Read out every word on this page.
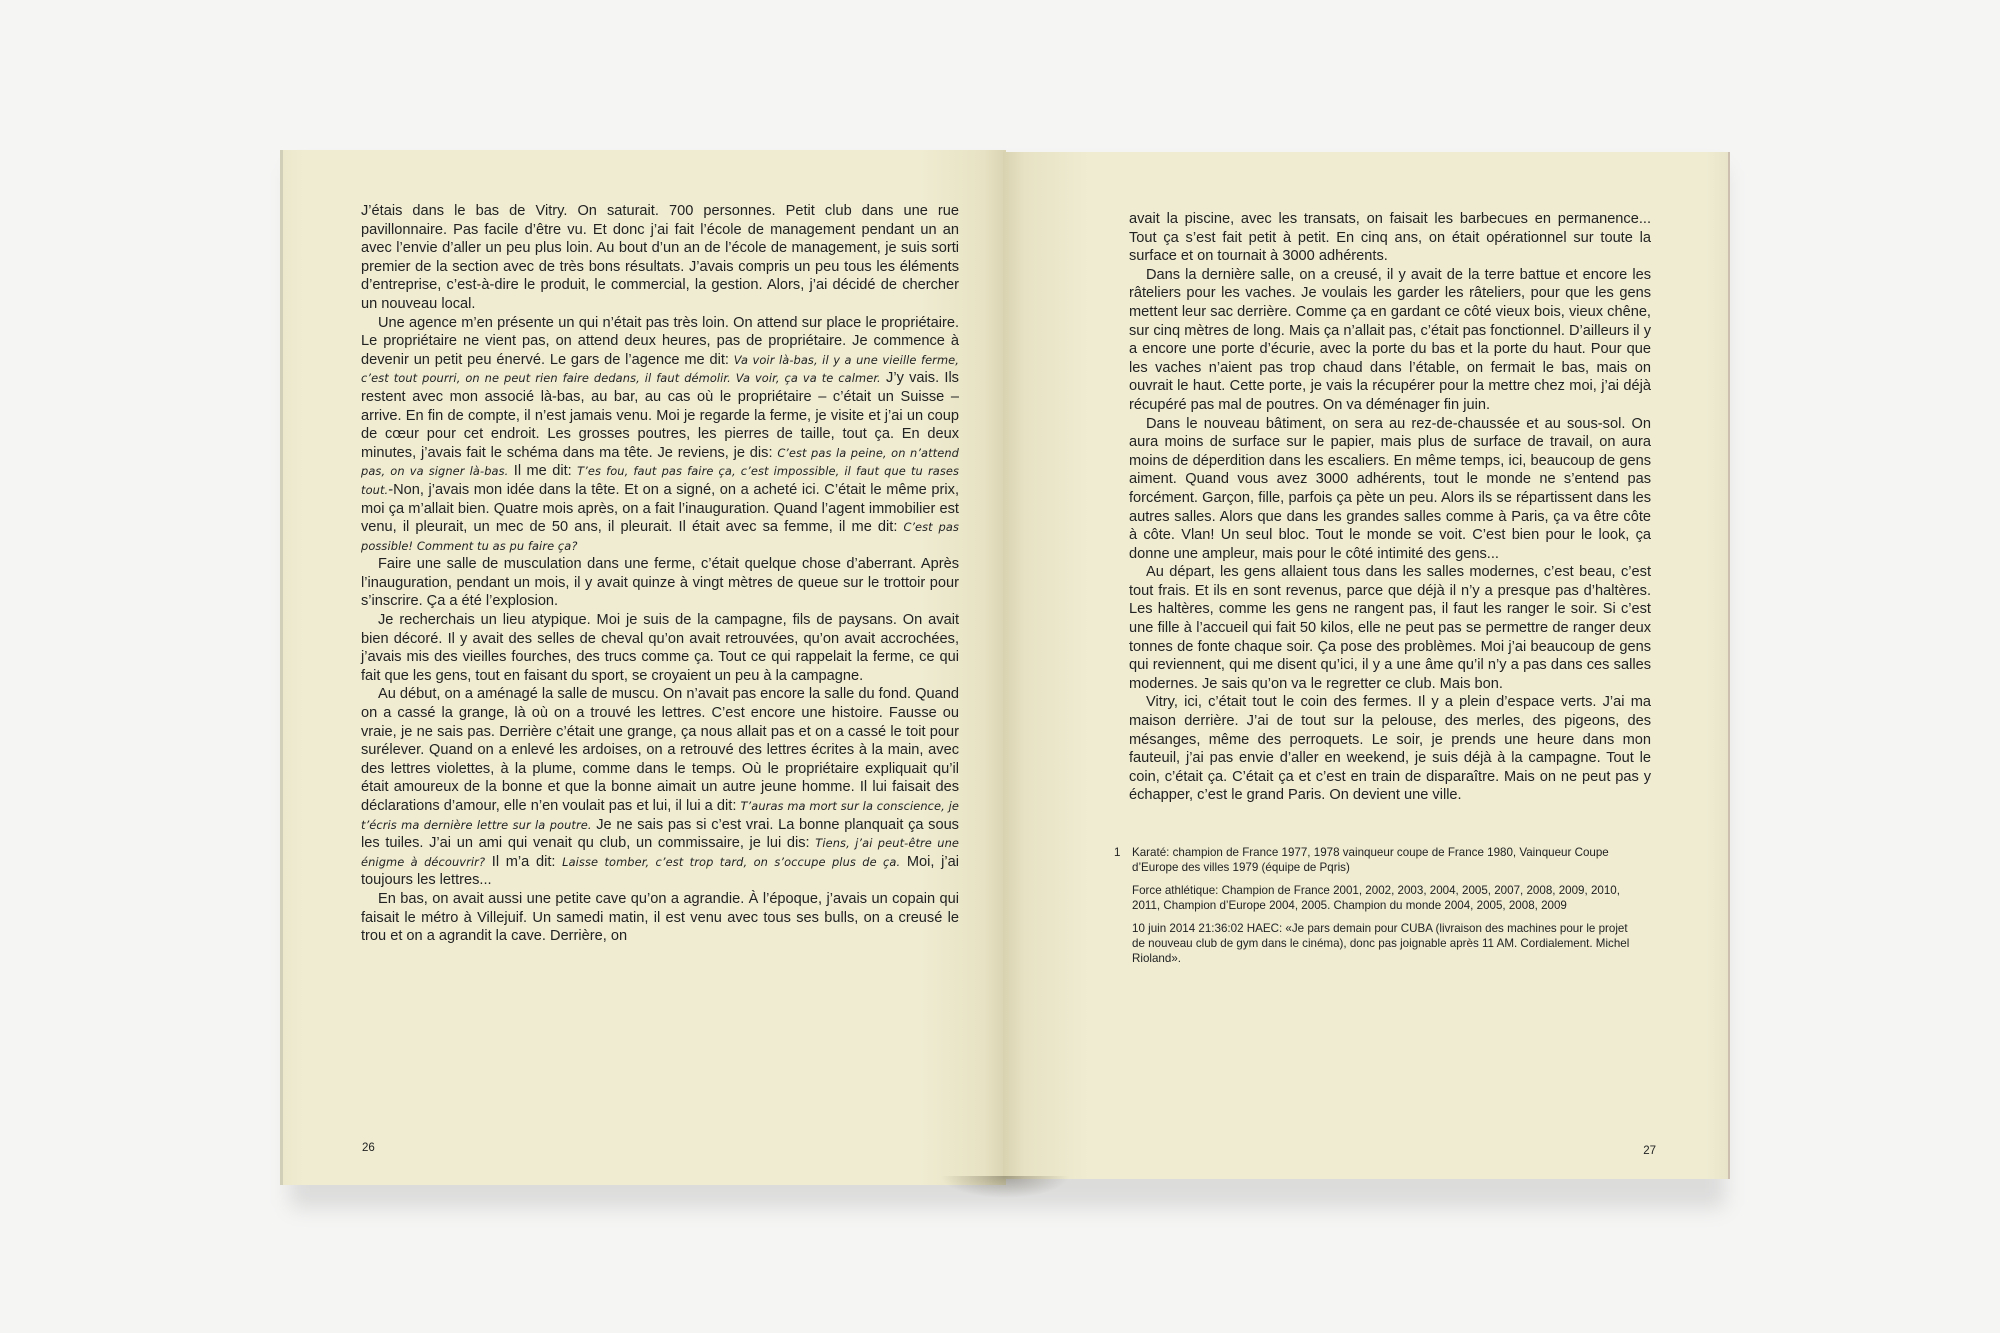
J’étais dans le bas de Vitry. On saturait. 700 personnes. Petit club dans une rue pavillonnaire. Pas facile d’être vu. Et donc j’ai fait l’école de management pendant un an avec l’envie d’aller un peu plus loin. Au bout d’un an de l’école de management, je suis sorti premier de la section avec de très bons résultats. J’avais compris un peu tous les éléments d’entreprise, c’est-à-dire le produit, le commercial, la gestion. Alors, j’ai décidé de chercher un nouveau local.

Une agence m’en présente un qui n’était pas très loin. On attend sur place le propriétaire. Le propriétaire ne vient pas, on attend deux heures, pas de propriétaire. Je commence à devenir un petit peu énervé. Le gars de l’agence me dit: Va voir là-bas, il y a une vieille ferme, c’est tout pourri, on ne peut rien faire dedans, il faut démolir. Va voir, ça va te calmer. J’y vais. Ils restent avec mon associé là-bas, au bar, au cas où le propriétaire – c’était un Suisse – arrive. En fin de compte, il n’est jamais venu. Moi je regarde la ferme, je visite et j’ai un coup de cœur pour cet endroit. Les grosses poutres, les pierres de taille, tout ça. En deux minutes, j’avais fait le schéma dans ma tête. Je reviens, je dis: C’est pas la peine, on n’attend pas, on va signer là-bas. Il me dit: T’es fou, faut pas faire ça, c’est impossible, il faut que tu rases tout.-Non, j’avais mon idée dans la tête. Et on a signé, on a acheté ici. C’était le même prix, moi ça m’allait bien. Quatre mois après, on a fait l’inauguration. Quand l’agent immobilier est venu, il pleurait, un mec de 50 ans, il pleurait. Il était avec sa femme, il me dit: C’est pas possible! Comment tu as pu faire ça?

Faire une salle de musculation dans une ferme, c’était quelque chose d’aberrant. Après l’inauguration, pendant un mois, il y avait quinze à vingt mètres de queue sur le trottoir pour s’inscrire. Ça a été l’explosion.

Je recherchais un lieu atypique. Moi je suis de la campagne, fils de paysans. On avait bien décoré. Il y avait des selles de cheval qu’on avait retrouvées, qu’on avait accrochées, j’avais mis des vieilles fourches, des trucs comme ça. Tout ce qui rappelait la ferme, ce qui fait que les gens, tout en faisant du sport, se croyaient un peu à la campagne.

Au début, on a aménagé la salle de muscu. On n’avait pas encore la salle du fond. Quand on a cassé la grange, là où on a trouvé les lettres. C’est encore une histoire. Fausse ou vraie, je ne sais pas. Derrière c’était une grange, ça nous allait pas et on a cassé le toit pour surélever. Quand on a enlevé les ardoises, on a retrouvé des lettres écrites à la main, avec des lettres violettes, à la plume, comme dans le temps. Où le propriétaire expliquait qu’il était amoureux de la bonne et que la bonne aimait un autre jeune homme. Il lui faisait des déclarations d’amour, elle n’en voulait pas et lui, il lui a dit: T’auras ma mort sur la conscience, je t’écris ma dernière lettre sur la poutre. Je ne sais pas si c’est vrai. La bonne planquait ça sous les tuiles. J’ai un ami qui venait qu club, un commissaire, je lui dis: Tiens, j’ai peut-être une énigme à découvrir? Il m’a dit: Laisse tomber, c’est trop tard, on s’occupe plus de ça. Moi, j’ai toujours les lettres...

En bas, on avait aussi une petite cave qu’on a agrandie. À l’époque, j’avais un copain qui faisait le métro à Villejuif. Un samedi matin, il est venu avec tous ses bulls, on a creusé le trou et on a agrandit la cave. Derrière, on

26

avait la piscine, avec les transats, on faisait les barbecues en permanence... Tout ça s’est fait petit à petit. En cinq ans, on était opérationnel sur toute la surface et on tournait à 3000 adhérents.

Dans la dernière salle, on a creusé, il y avait de la terre battue et encore les râteliers pour les vaches. Je voulais les garder les râteliers, pour que les gens mettent leur sac derrière. Comme ça en gardant ce côté vieux bois, vieux chêne, sur cinq mètres de long. Mais ça n’allait pas, c’était pas fonctionnel. D’ailleurs il y a encore une porte d’écurie, avec la porte du bas et la porte du haut. Pour que les vaches n’aient pas trop chaud dans l’étable, on fermait le bas, mais on ouvrait le haut. Cette porte, je vais la récupérer pour la mettre chez moi, j’ai déjà récupéré pas mal de poutres. On va déménager fin juin.

Dans le nouveau bâtiment, on sera au rez-de-chaussée et au sous-sol. On aura moins de surface sur le papier, mais plus de surface de travail, on aura moins de déperdition dans les escaliers. En même temps, ici, beaucoup de gens aiment. Quand vous avez 3000 adhérents, tout le monde ne s’entend pas forcément. Garçon, fille, parfois ça pète un peu. Alors ils se répartissent dans les autres salles. Alors que dans les grandes salles comme à Paris, ça va être côte à côte. Vlan! Un seul bloc. Tout le monde se voit. C’est bien pour le look, ça donne une ampleur, mais pour le côté intimité des gens...

Au départ, les gens allaient tous dans les salles modernes, c’est beau, c’est tout frais. Et ils en sont revenus, parce que déjà il n’y a presque pas d’haltères. Les haltères, comme les gens ne rangent pas, il faut les ranger le soir. Si c’est une fille à l’accueil qui fait 50 kilos, elle ne peut pas se permettre de ranger deux tonnes de fonte chaque soir. Ça pose des problèmes. Moi j’ai beaucoup de gens qui reviennent, qui me disent qu’ici, il y a une âme qu’il n’y a pas dans ces salles modernes. Je sais qu’on va le regretter ce club. Mais bon.

Vitry, ici, c’était tout le coin des fermes. Il y a plein d’espace verts. J’ai ma maison derrière. J’ai de tout sur la pelouse, des merles, des pigeons, des mésanges, même des perroquets. Le soir, je prends une heure dans mon fauteuil, j’ai pas envie d’aller en weekend, je suis déjà à la campagne. Tout le coin, c’était ça. C’était ça et c’est en train de disparaître. Mais on ne peut pas y échapper, c’est le grand Paris. On devient une ville.

1 Karaté: champion de France 1977, 1978 vainqueur coupe de France 1980, Vainqueur Coupe d’Europe des villes 1979 (équipe de Pqris)
Force athlétique: Champion de France 2001, 2002, 2003, 2004, 2005, 2007, 2008, 2009, 2010, 2011, Champion d’Europe 2004, 2005. Champion du monde 2004, 2005, 2008, 2009
10 juin 2014 21:36:02 HAEC: «Je pars demain pour CUBA (livraison des machines pour le projet de nouveau club de gym dans le cinéma), donc pas joignable après 11 AM. Cordialement. Michel Rioland».
27
